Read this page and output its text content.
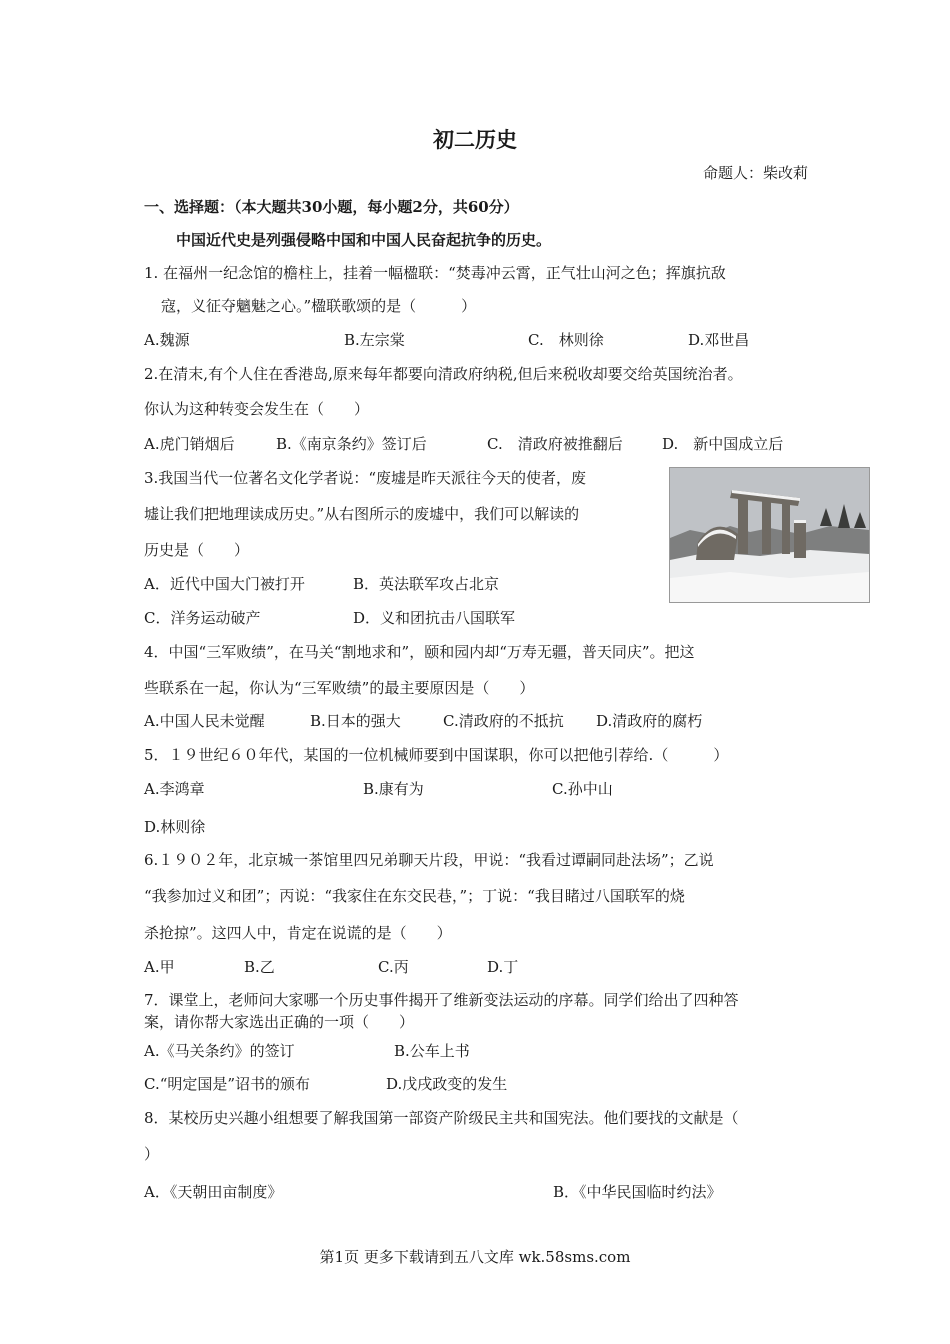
初二历史
命题人：柴改莉
一、选择题：（本大题共30小题，每小题2分，共60分）
中国近代史是列强侵略中国和中国人民奋起抗争的历史。
1. 在福州一纪念馆的檐柱上，挂着一幅楹联：“焚毒冲云霄，正气壮山河之色；挥旗抗敌
寇，义征夺魑魅之心。”楹联歌颂的是（　　　）
A.魏源	B.左宗棠	C.　林则徐	D.邓世昌
2.在清末,有个人住在香港岛,原来每年都要向清政府纳税,但后来税收却要交给英国统治者。
你认为这种转变会发生在（　　）
A.虎门销烟后	B.《南京条约》签订后	C.　清政府被推翻后	D.　新中国成立后
3.我国当代一位著名文化学者说：“废墟是昨天派往今天的使者，废
墟让我们把地理读成历史。”从右图所示的废墟中，我们可以解读的
历史是（　　）
A．近代中国大门被打开	B．英法联军攻占北京
C．洋务运动破产	D．义和团抗击八国联军
4．中国“三军败绩”，在马关“割地求和”，颐和园内却“万寿无疆，普天同庆”。把这
些联系在一起，你认为“三军败绩”的最主要原因是（　　）
A.中国人民未觉醒	B.日本的强大	C.清政府的不抵抗 D.清政府的腐朽
5．１９世纪６０年代，某国的一位机械师要到中国谋职，你可以把他引荐给.（　　　）
A.李鸿章	B.康有为	C.孙中山
D.林则徐
6.１９０２年，北京城一茶馆里四兄弟聊天片段，甲说：“我看过谭嗣同赴法场”；乙说
“我参加过义和团”；丙说：“我家住在东交民巷，”；丁说：“我目睹过八国联军的烧
杀抢掠”。这四人中，肯定在说谎的是（　　）
A.甲	B.乙	C.丙	D.丁
7．课堂上，老师问大家哪一个历史事件揭开了维新变法运动的序幕。同学们给出了四种答
案，请你帮大家选出正确的一项（　　）
A.《马关条约》的签订	B.公车上书
C.“明定国是”诏书的颁布	D.戊戌政变的发生
8．某校历史兴趣小组想要了解我国第一部资产阶级民主共和国宪法。他们要找的文献是（
）
A．《天朝田亩制度》	B．《中华民国临时约法》
第1页 更多下载请到五八文库 wk.58sms.com
